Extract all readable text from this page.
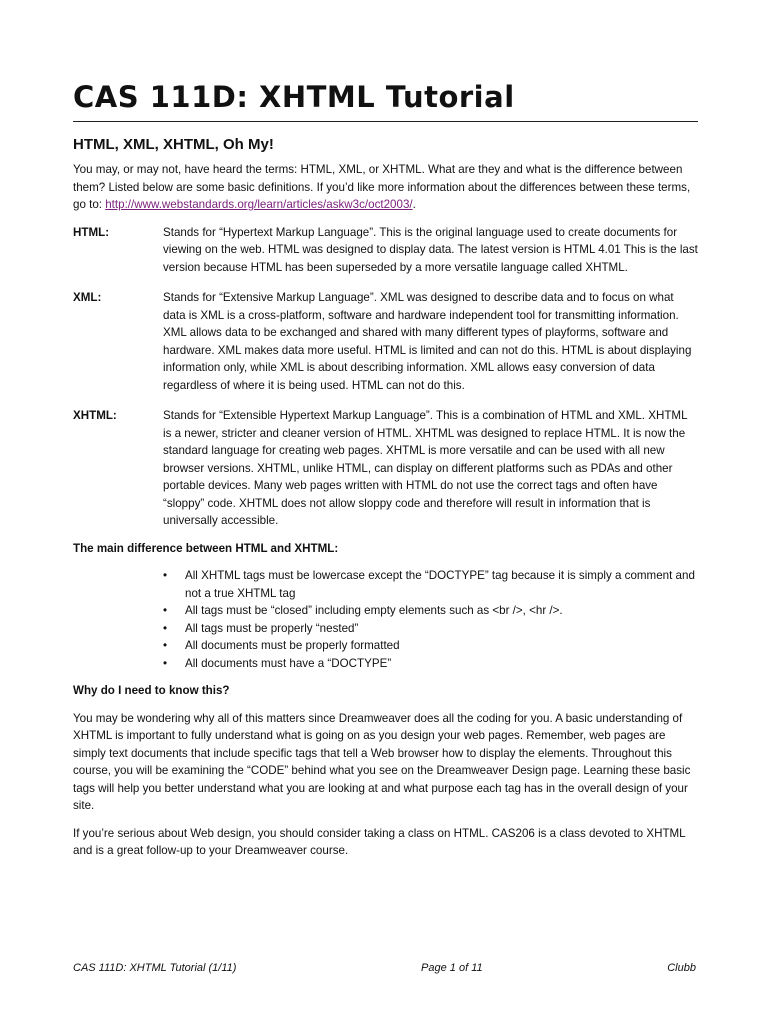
CAS 111D: XHTML Tutorial
HTML, XML, XHTML, Oh My!

You may, or may not, have heard the terms: HTML, XML, or XHTML. What are they and what is the difference between them? Listed below are some basic definitions. If you’d like more information about the differences between these terms, go to: http://www.webstandards.org/learn/articles/askw3c/oct2003/.

HTML:	Stands for “Hypertext Markup Language”. This is the original language used to create documents for viewing on the web. HTML was designed to display data. The latest version is HTML 4.01 This is the last version because HTML has been superseded by a more versatile language called XHTML.
XML:	Stands for “Extensive Markup Language”. XML was designed to describe data and to focus on what data is XML is a cross-platform, software and hardware independent tool for transmitting information. XML allows data to be exchanged and shared with many different types of playforms, software and hardware. XML makes data more useful. HTML is limited and can not do this. HTML is about displaying information only, while XML is about describing information. XML allows easy conversion of data regardless of where it is being used. HTML can not do this.
XHTML:	Stands for “Extensible Hypertext Markup Language”. This is a combination of HTML and XML. XHTML is a newer, stricter and cleaner version of HTML. XHTML was designed to replace HTML. It is now the standard language for creating web pages. XHTML is more versatile and can be used with all new browser versions. XHTML, unlike HTML, can display on different platforms such as PDAs and other portable devices. Many web pages written with HTML do not use the correct tags and often have “sloppy” code. XHTML does not allow sloppy code and therefore will result in information that is universally accessible.
The main difference between HTML and XHTML:
•	All XHTML tags must be lowercase except the “DOCTYPE” tag because it is simply a comment and not a true XHTML tag
•	All tags must be “closed” including empty elements such as <br />, <hr />.
•	All tags must be properly “nested”
•	All documents must be properly formatted
•	All documents must have a “DOCTYPE”
Why do I need to know this?

You may be wondering why all of this matters since Dreamweaver does all the coding for you. A basic understanding of XHTML is important to fully understand what is going on as you design your web pages. Remember, web pages are simply text documents that include specific tags that tell a Web browser how to display the elements. Throughout this course, you will be examining the “CODE” behind what you see on the Dreamweaver Design page. Learning these basic tags will help you better understand what you are looking at and what purpose each tag has in the overall design of your site.

If you’re serious about Web design, you should consider taking a class on HTML. CAS206 is a class devoted to XHTML and is a great follow-up to your Dreamweaver course.

CAS 111D: XHTML Tutorial (1/11)	Page 1 of 11	Clubb
